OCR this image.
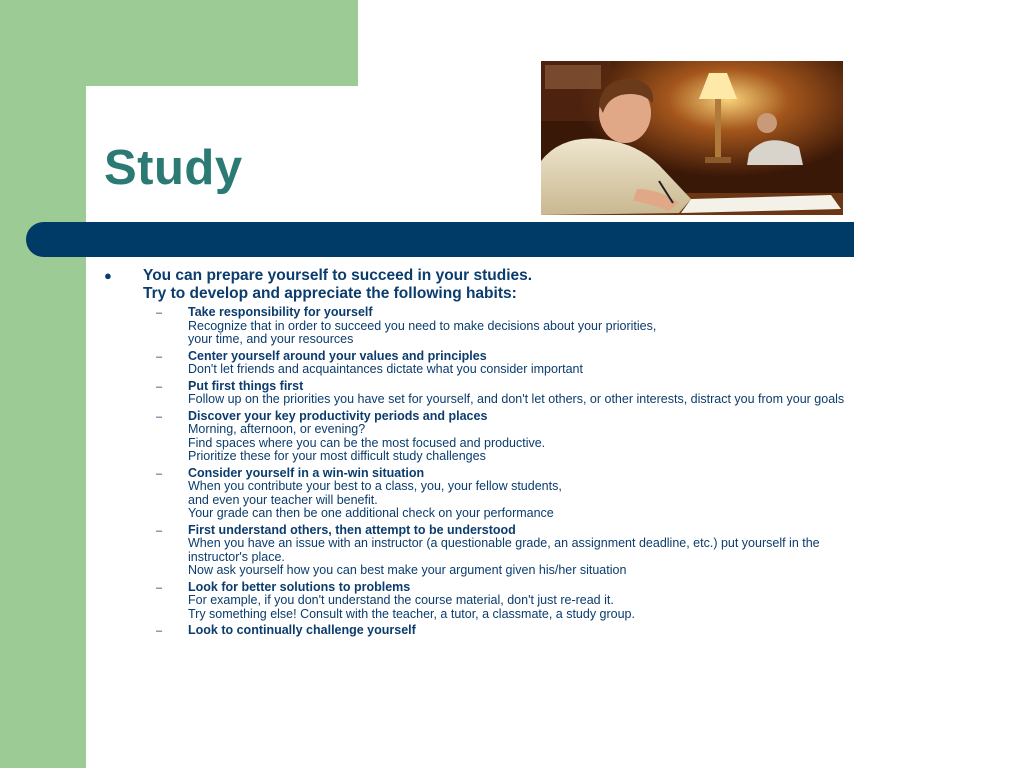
Study
● You can prepare yourself to succeed in your studies.
Try to develop and appreciate the following habits:
– Take responsibility for yourself
Recognize that in order to succeed you need to make decisions about your priorities,
your time, and your resources
– Center yourself around your values and principles
Don't let friends and acquaintances dictate what you consider important
– Put first things first
Follow up on the priorities you have set for yourself, and don't let others, or other interests, distract you from your goals
– Discover your key productivity periods and places
Morning, afternoon, or evening?
Find spaces where you can be the most focused and productive.
Prioritize these for your most difficult study challenges
– Consider yourself in a win-win situation
When you contribute your best to a class, you, your fellow students,
and even your teacher will benefit.
Your grade can then be one additional check on your performance
– First understand others, then attempt to be understood
When you have an issue with an instructor (a questionable grade, an assignment deadline, etc.) put yourself in the
instructor's place.
Now ask yourself how you can best make your argument given his/her situation
– Look for better solutions to problems
For example, if you don't understand the course material, don't just re-read it.
Try something else! Consult with the teacher, a tutor, a classmate, a study group.
– Look to continually challenge yourself
